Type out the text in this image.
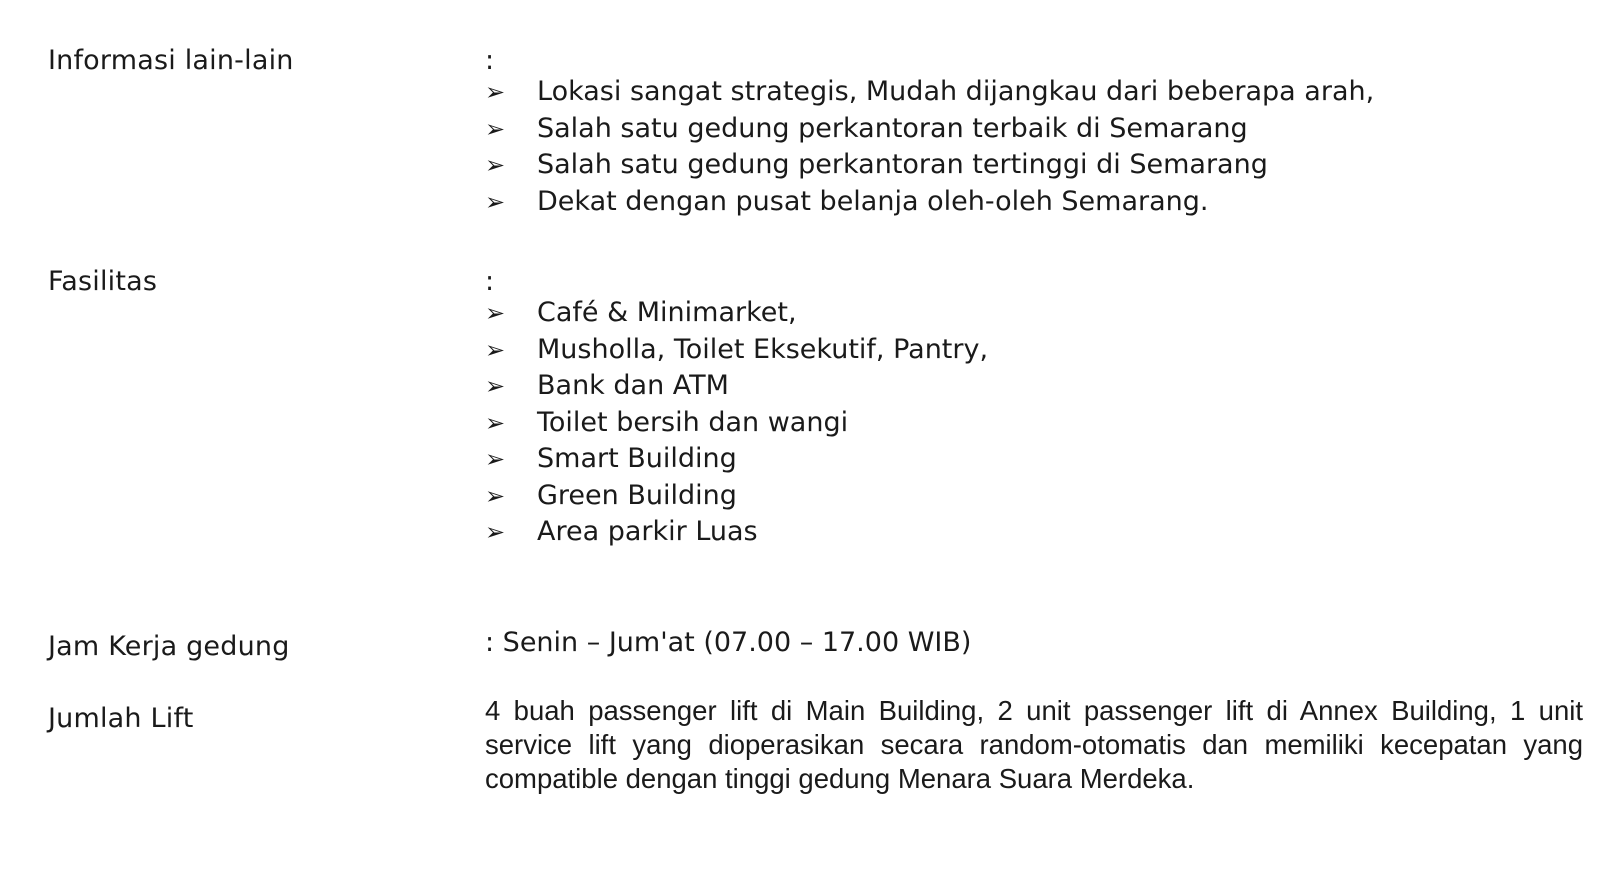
Informasi lain-lain	:
➢ Lokasi sangat strategis, Mudah dijangkau dari beberapa arah,
➢ Salah satu gedung perkantoran terbaik di Semarang
➢ Salah satu gedung perkantoran tertinggi di Semarang
➢ Dekat dengan pusat belanja oleh-oleh Semarang.
Fasilitas	:
➢ Café & Minimarket,
➢ Musholla, Toilet Eksekutif, Pantry,
➢ Bank dan ATM
➢ Toilet bersih dan wangi
➢ Smart Building
➢ Green Building
➢ Area parkir Luas
Jam Kerja gedung	: Senin – Jum'at (07.00 – 17.00 WIB)
Jumlah Lift	4 buah passenger lift di Main Building, 2 unit passenger lift di Annex Building, 1 unit service lift yang dioperasikan secara random-otomatis dan memiliki kecepatan yang compatible dengan tinggi gedung Menara Suara Merdeka.
